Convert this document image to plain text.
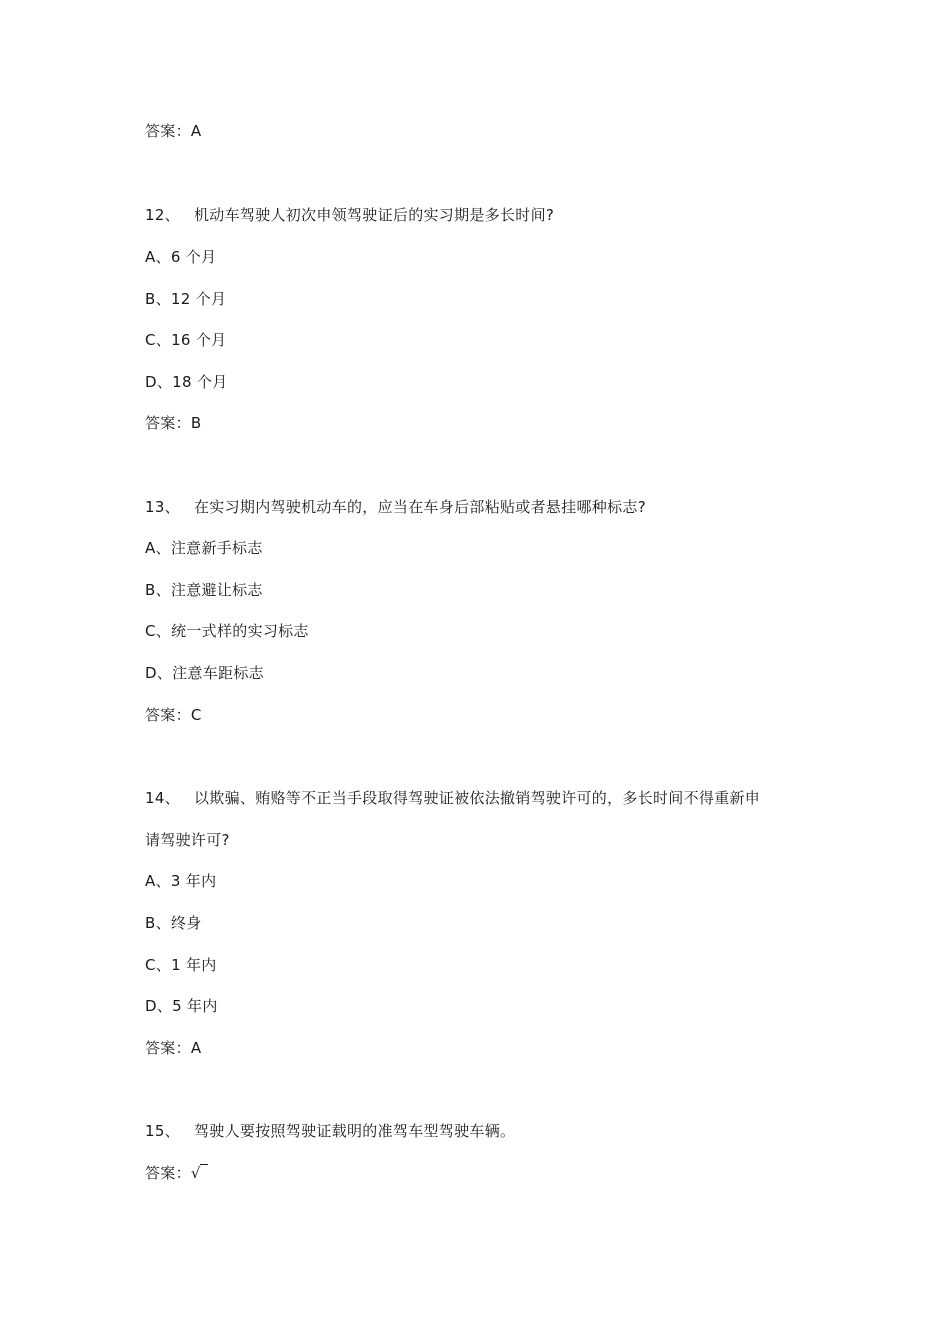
答案：A
12、 机动车驾驶人初次申领驾驶证后的实习期是多长时间?
A、6 个月
B、12 个月
C、16 个月
D、18 个月
答案：B
13、 在实习期内驾驶机动车的，应当在车身后部粘贴或者悬挂哪种标志?
A、注意新手标志
B、注意避让标志
C、统一式样的实习标志
D、注意车距标志
答案：C
14、 以欺骗、贿赂等不正当手段取得驾驶证被依法撤销驾驶许可的，多长时间不得重新申
请驾驶许可?
A、3 年内
B、终身
C、1 年内
D、5 年内
答案：A
15、 驾驶人要按照驾驶证载明的准驾车型驾驶车辆。
答案：√
